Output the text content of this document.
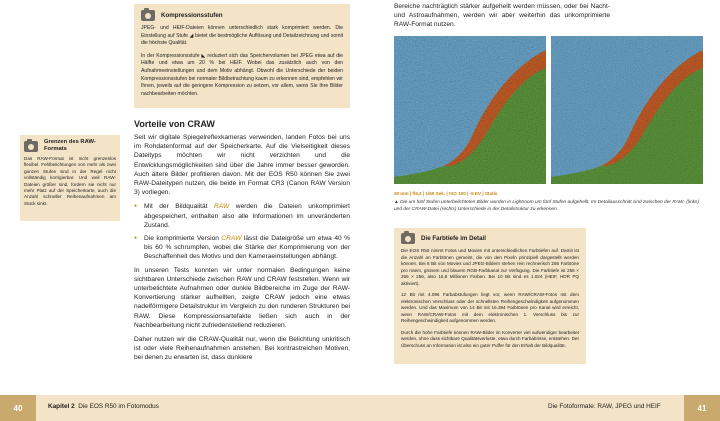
Kompressionsstufen

JPEG- und HEIF-Dateien können unterschiedlich stark komprimiert werden. Die Einstellung auf Stufe ◢ bietet die bestmögliche Auflösung und Detailzeichnung und somit die höchste Qualität.

In der Kompressionsstufe ◣ reduziert sich das Speichervolumen bei JPEG etwa auf die Hälfte und etwa um 20 % bei HEIF. Wobei das zusätzlich auch von den Aufnahmeeinstellungen und dem Motiv abhängt. Obwohl die Unterschiede der beiden Kompressionsstufen bei normaler Bildbetrachtung kaum zu erkennen sind, empfehlen wir Ihnen, jeweils auf die geringere Kompression zu setzen, vor allem, wenn Sie Ihre Bilder nachbearbeiten möchten.

Grenzen des RAW-Formats

Das RAW-Format ist nicht grenzenlos flexibel. Fehlbelichtungen von mehr als zwei ganzen Stufen sind in der Regel nicht vollständig korrigierbar. Und weil RAW-Dateien größer sind, fordern sie nicht nur mehr Platz auf der Speicherkarte, auch die Anzahl schneller Reihenaufnahmen am Stück sinkt.

Vorteile von CRAW

Seit wir digitale Spiegelreflexkameras verwenden, landen Fotos bei uns im Rohdatenformat auf der Speicherkarte. Auf die Vielseitigkeit dieses Dateityps möchten wir nicht verzichten und die Entwicklungsmöglichkeiten sind über die Jahre immer besser geworden. Auch ältere Bilder profitieren davon. Mit der EOS R50 können Sie zwei RAW-Dateitypen nutzen, die beide im Format CR3 (Canon RAW Version 3) vorliegen.

● Mit der Bildqualität RAW werden die Dateien unkomprimiert abgespeichert, enthalten also alle Informationen im unveränderten Zustand.
● Die komprimierte Version CRAW lässt die Dateigröße um etwa 40 % bis 60 % schrumpfen, wobei die Stärke der Komprimierung von der Beschaffenheit des Motivs und den Kameraeinstellungen abhängt.

In unseren Tests konnten wir unter normalen Bedingungen keine sichtbaren Unterschiede zwischen RAW und CRAW feststellen. Wenn wir unterbelichtete Aufnahmen oder dunkle Bildbereiche im Zuge der RAW-Konvertierung stärker aufhellten, zeigte CRAW jedoch eine etwas nadelförmigere Detailstruktur im Vergleich zu den runderen Strukturen bei RAW. Diese Kompressionsartefakte ließen sich auch in der Nachbearbeitung nicht zufriedenstellend reduzieren.

Daher nutzen wir die CRAW-Qualität nur, wenn die Belichtung unkritisch ist oder viele Reihenaufnahmen anstehen. Bei kontrastreichen Motiven, bei denen zu erwarten ist, dass dunklere

40	Kapitel 2 Die EOS R50 im Fotomodus

Bereiche nachträglich stärker aufgehellt werden müssen, oder bei Nacht- und Astroaufnahmen, werden wir aber weiterhin das unkomprimierte RAW-Format nutzen.

29 mm | f/6,3 | 1/60 Sek. | ISO 100 | -5 EV | Stativ
▲ Die um fünf Stufen unterbelichteten Bilder wurden in Lightroom um fünf Stufen aufgehellt. Im Detailausschnitt sind zwischen der RAW- (links) und der CRAW-Datei (rechts) Unterschiede in der Detailstruktur zu erkennen.
Die Farbtiefe im Detail

Die EOS R50 nimmt Fotos und Movies mit unterschiedlichen Farbtiefen auf. Damit ist die Anzahl an Farbtönen gemeint, die von den Pixeln prinzipiell dargestellt werden können. Bei 8 Bit von Movies und JPEG-Bildern stehen rein rechnerisch 256 Farbtöne pro rotem, grünem und blauem RGB-Farbkanal zur Verfügung. Die Farbtiefe ist 256 × 256 × 256, also 16,8 Millionen Farben. Bei 10 Bit sind es 1.024 (HEIF, HDR PQ aktiviert).

12 Bit mit 4.096 Farbabstufungen liegt vor, wenn RAW/CRAW-Fotos mit dem elektronischen Verschluss oder der schnellsten Reihengeschwindigkeit aufgenommen werden. Und das Maximum von 14 Bit mit 16.384 Farbtönen pro Kanal wird erreicht, wenn RAW/CRAW-Fotos mit dem elektronischen 1. Verschluss bis zur Reihengeschwindigkeit aufgenommen werden.

Durch die hohe Farbtiefe können RAW-Bilder im Konverter viel aufwendiger bearbeitet werden, ohne dass sichtbare Qualitätsverluste, etwa durch Farbabrisse, entstehen. Der Überschuss an Information ist also ein guter Puffer für den Erhalt der Bildqualität.

Die Fotoformate: RAW, JPEG und HEIF	41
